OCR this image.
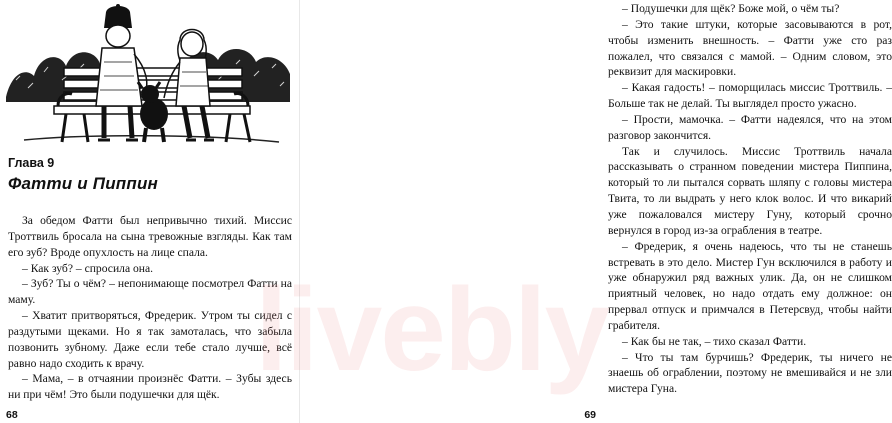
Глава 9
Фатти и Пиппин

За обедом Фатти был непривычно тихий. Миссис Троттвиль бросала на сына тревожные взгляды. Как там его зуб? Вроде опухлость на лице спала.

– Как зуб? – спросила она.

– Зуб? Ты о чём? – непонимающе посмотрел Фатти на маму.

– Хватит притворяться, Фредерик. Утром ты сидел с раздутыми щеками. Но я так замоталась, что забыла позвонить зубному. Даже если тебе стало лучше, всё равно надо сходить к врачу.

– Мама, – в отчаянии произнёс Фатти. – Зубы здесь ни при чём! Это были подушечки для щёк.

68

– Подушечки для щёк? Боже мой, о чём ты?

– Это такие штуки, которые засовываются в рот, чтобы изменить внешность. – Фатти уже сто раз пожалел, что связался с мамой. – Одним словом, это реквизит для маскировки.

– Какая гадость! – поморщилась миссис Троттвиль. – Больше так не делай. Ты выглядел просто ужасно.

– Прости, мамочка. – Фатти надеялся, что на этом разговор закончится.

Так и случилось. Миссис Троттвиль начала рассказывать о странном поведении мистера Пиппина, который то ли пытался сорвать шляпу с головы мистера Твита, то ли выдрать у него клок волос. И что викарий уже пожаловался мистеру Гуну, который срочно вернулся в город из-за ограбления в театре.

– Фредерик, я очень надеюсь, что ты не станешь встревать в это дело. Мистер Гун всключился в работу и уже обнаружил ряд важных улик. Да, он не слишком приятный человек, но надо отдать ему должное: он прервал отпуск и примчался в Петерсвуд, чтобы найти грабителя.

– Как бы не так, – тихо сказал Фатти.

– Что ты там бурчишь? Фредерик, ты ничего не знаешь об ограблении, поэтому не вмешивайся и не зли мистера Гуна.

69
livebly
